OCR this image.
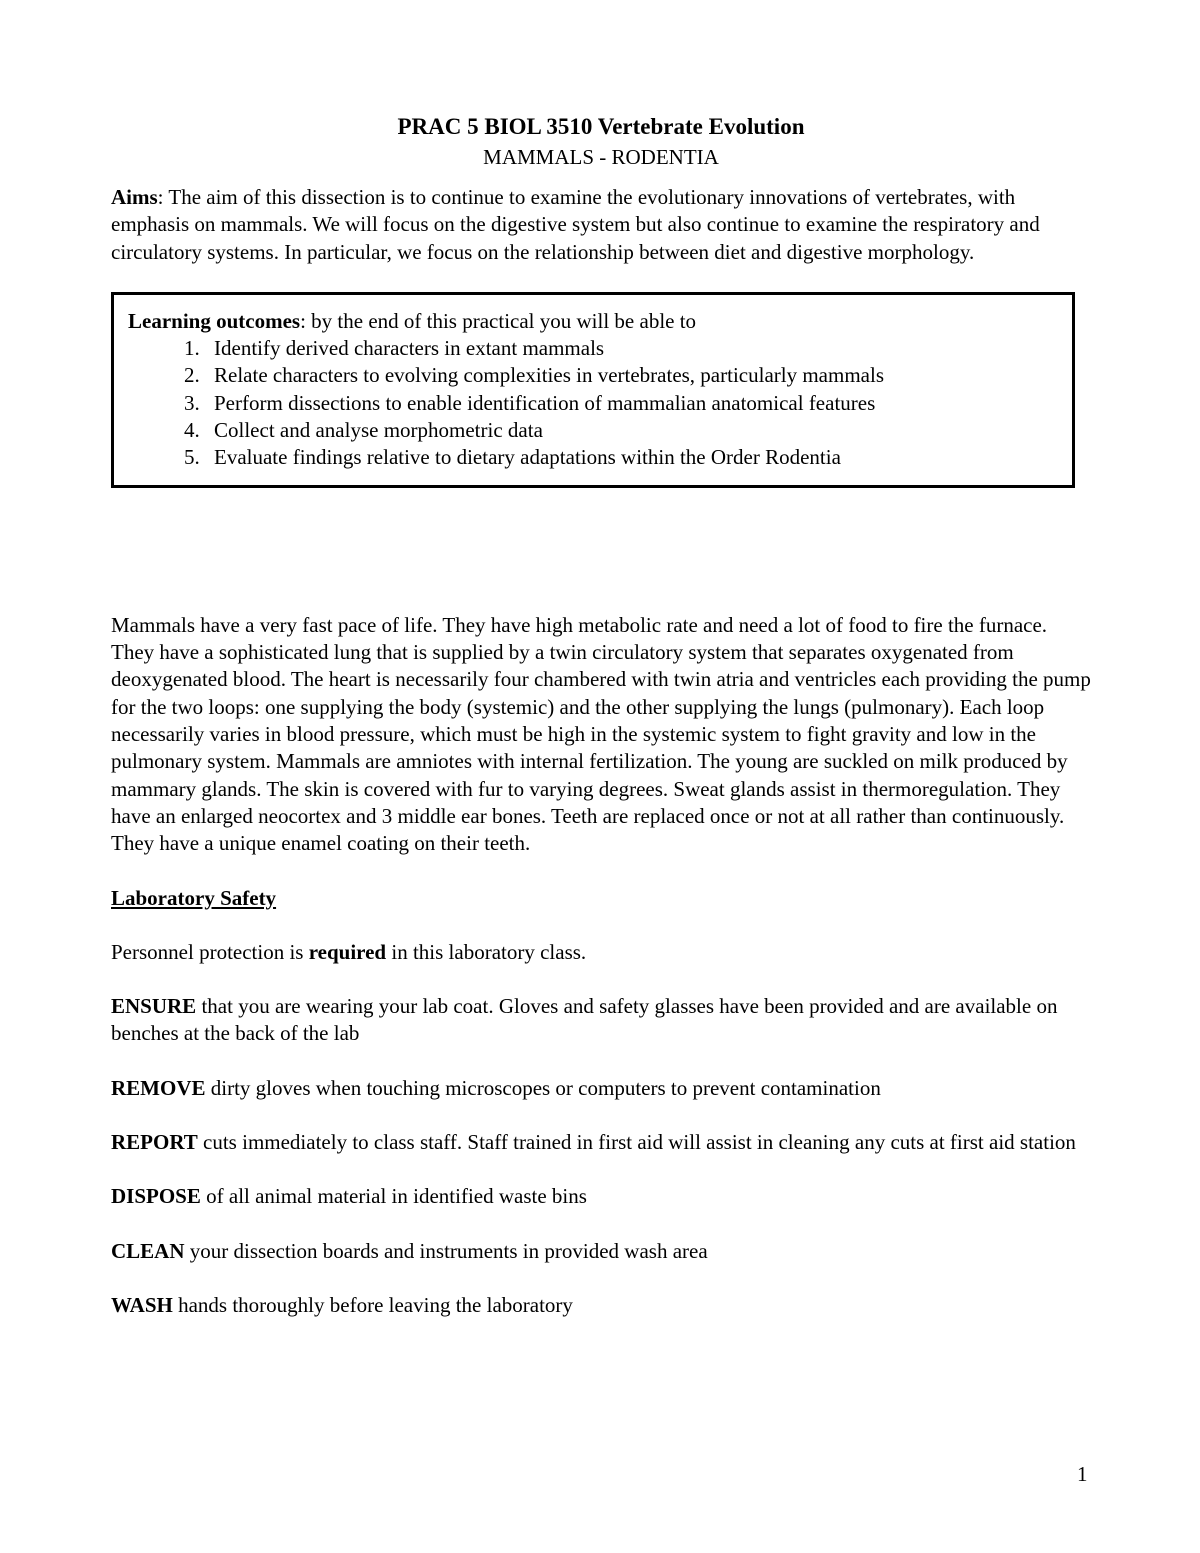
PRAC 5 BIOL 3510 Vertebrate Evolution

MAMMALS - RODENTIA

Aims: The aim of this dissection is to continue to examine the evolutionary innovations of vertebrates, with emphasis on mammals. We will focus on the digestive system but also continue to examine the respiratory and circulatory systems. In particular, we focus on the relationship between diet and digestive morphology.

Learning outcomes: by the end of this practical you will be able to
1. Identify derived characters in extant mammals
2. Relate characters to evolving complexities in vertebrates, particularly mammals
3. Perform dissections to enable identification of mammalian anatomical features
4. Collect and analyse morphometric data
5. Evaluate findings relative to dietary adaptations within the Order Rodentia

Mammals have a very fast pace of life. They have high metabolic rate and need a lot of food to fire the furnace. They have a sophisticated lung that is supplied by a twin circulatory system that separates oxygenated from deoxygenated blood. The heart is necessarily four chambered with twin atria and ventricles each providing the pump for the two loops: one supplying the body (systemic) and the other supplying the lungs (pulmonary). Each loop necessarily varies in blood pressure, which must be high in the systemic system to fight gravity and low in the pulmonary system. Mammals are amniotes with internal fertilization. The young are suckled on milk produced by mammary glands. The skin is covered with fur to varying degrees. Sweat glands assist in thermoregulation. They have an enlarged neocortex and 3 middle ear bones. Teeth are replaced once or not at all rather than continuously. They have a unique enamel coating on their teeth.

Laboratory Safety

Personnel protection is required in this laboratory class.

ENSURE that you are wearing your lab coat. Gloves and safety glasses have been provided and are available on benches at the back of the lab

REMOVE dirty gloves when touching microscopes or computers to prevent contamination

REPORT cuts immediately to class staff. Staff trained in first aid will assist in cleaning any cuts at first aid station

DISPOSE of all animal material in identified waste bins

CLEAN your dissection boards and instruments in provided wash area

WASH hands thoroughly before leaving the laboratory

1
